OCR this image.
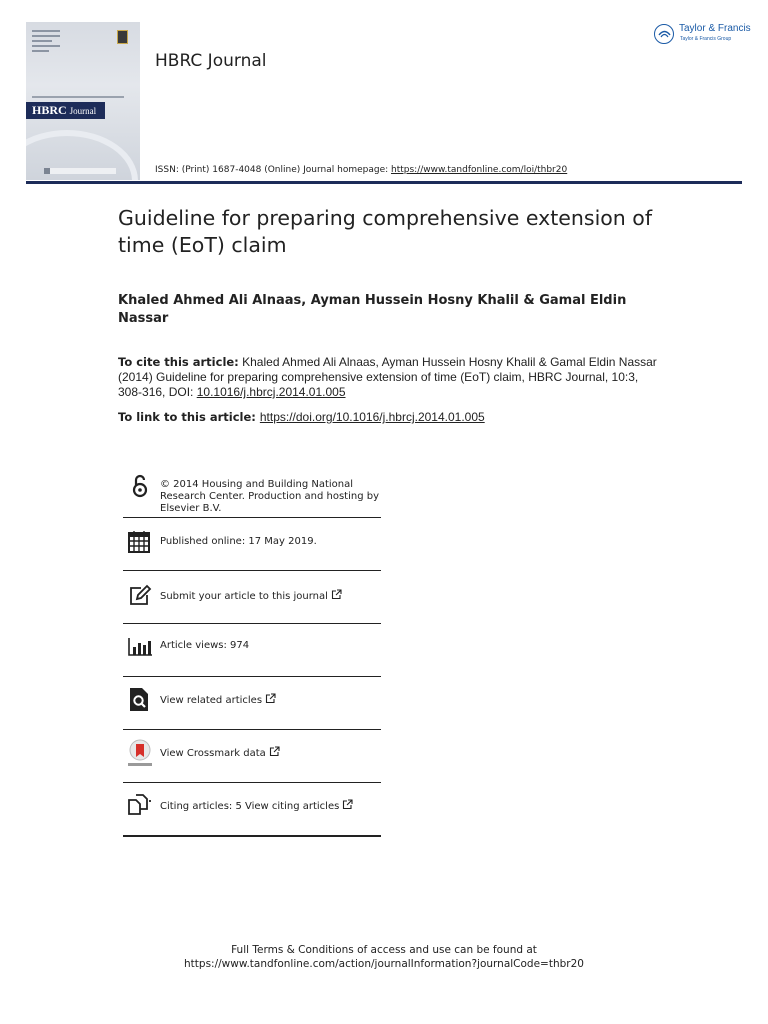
HBRC Journal
HBRC Journal
Taylor & Francis
Taylor & Francis Group
ISSN: (Print) 1687-4048 (Online) Journal homepage: https://www.tandfonline.com/loi/thbr20
Guideline for preparing comprehensive extension of time (EoT) claim
Khaled Ahmed Ali Alnaas, Ayman Hussein Hosny Khalil & Gamal Eldin Nassar
To cite this article: Khaled Ahmed Ali Alnaas, Ayman Hussein Hosny Khalil & Gamal Eldin Nassar (2014) Guideline for preparing comprehensive extension of time (EoT) claim, HBRC Journal, 10:3, 308-316, DOI: 10.1016/j.hbrcj.2014.01.005
To link to this article: https://doi.org/10.1016/j.hbrcj.2014.01.005
© 2014 Housing and Building National Research Center. Production and hosting by Elsevier B.V.
Published online: 17 May 2019.
Submit your article to this journal
Article views: 974
View related articles
View Crossmark data
Citing articles: 5 View citing articles
Full Terms & Conditions of access and use can be found at
https://www.tandfonline.com/action/journalInformation?journalCode=thbr20
